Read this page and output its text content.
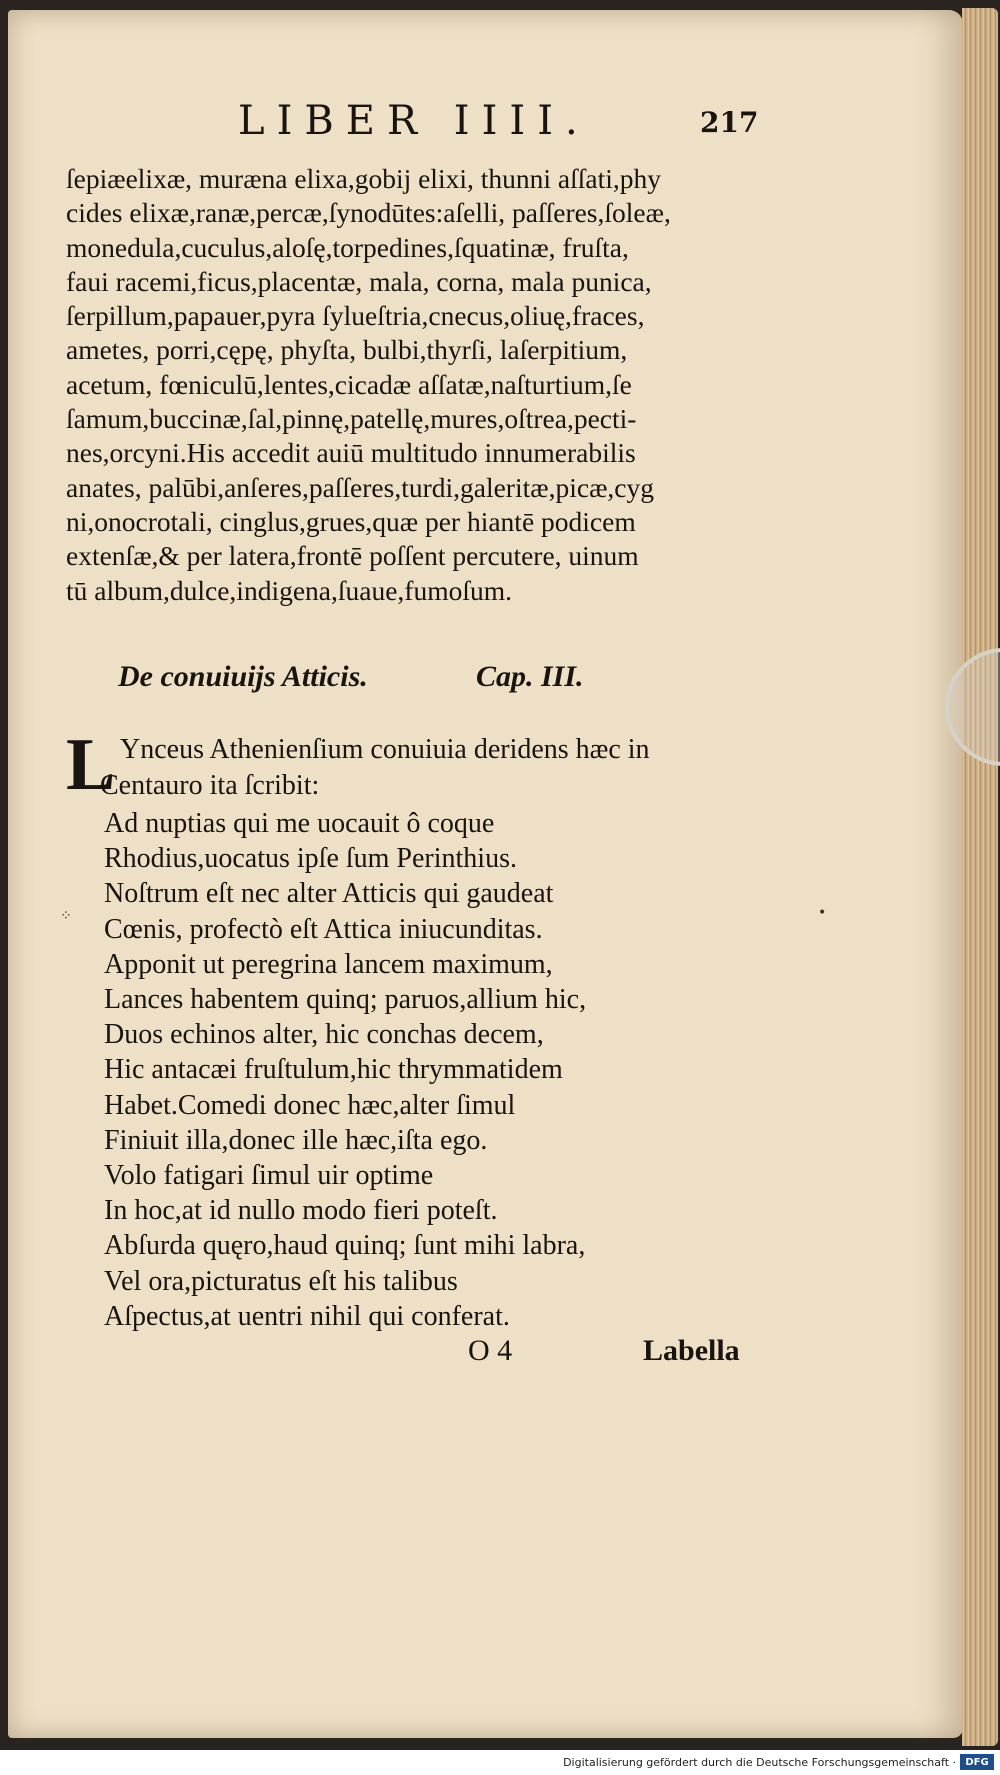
LIBER IIII.	217
ſepiæelixæ, muræna elixa,gobij elixi, thunni aſſati,phy
cides elixæ,ranæ,percæ,ſynodūtes:aſelli, paſſeres,ſoleæ,
monedula,cuculus,aloſę,torpedines,ſquatinæ, fruſta,
faui racemi,ficus,placentæ, mala, corna, mala punica,
ſerpillum,papauer,pyra ſylueſtria,cnecus,oliuę,fraces,
ametes, porri,cępę, phyſta, bulbi,thyrſi, laſerpitium,
acetum, fœniculū,lentes,cicadæ aſſatæ,naſturtium,ſe
ſamum,buccinæ,ſal,pinnę,patellę,mures,oſtrea,pecti-
nes,orcyni.His accedit auiū multitudo innumerabilis
anates, palūbi,anſeres,paſſeres,turdi,galeritæ,picæ,cyg
ni,onocrotali, cinglus,grues,quæ per hiantē podicem
extenſæ,& per latera,frontē poſſent percutere, uinum
tū album,dulce,indigena,ſuaue,fumoſum.
De conuiuijs Atticis.	Cap. III.
L Ynceus Athenienſium conuiuia deridens hæc in
Centauro ita ſcribit:
Ad nuptias qui me uocauit ô coque
Rhodius,uocatus ipſe ſum Perinthius.
Noſtrum eſt nec alter Atticis qui gaudeat
Cœnis, profectò eſt Attica iniucunditas.
Apponit ut peregrina lancem maximum,
Lances habentem quinq; paruos,allium hic,
Duos echinos alter, hic conchas decem,
Hic antacæi fruſtulum,hic thrymmatidem
Habet.Comedi donec hæc,alter ſimul
Finiuit illa,donec ille hæc,iſta ego.
Volo fatigari ſimul uir optime
In hoc,at id nullo modo fieri poteſt.
Abſurda quęro,haud quinq; ſunt mihi labra,
Vel ora,picturatus eſt his talibus
Aſpectus,at uentri nihil qui conferat.
O 4	Labella
⁘	•
Digitalisierung gefördert durch die Deutsche Forschungsgemeinschaft · DFG
